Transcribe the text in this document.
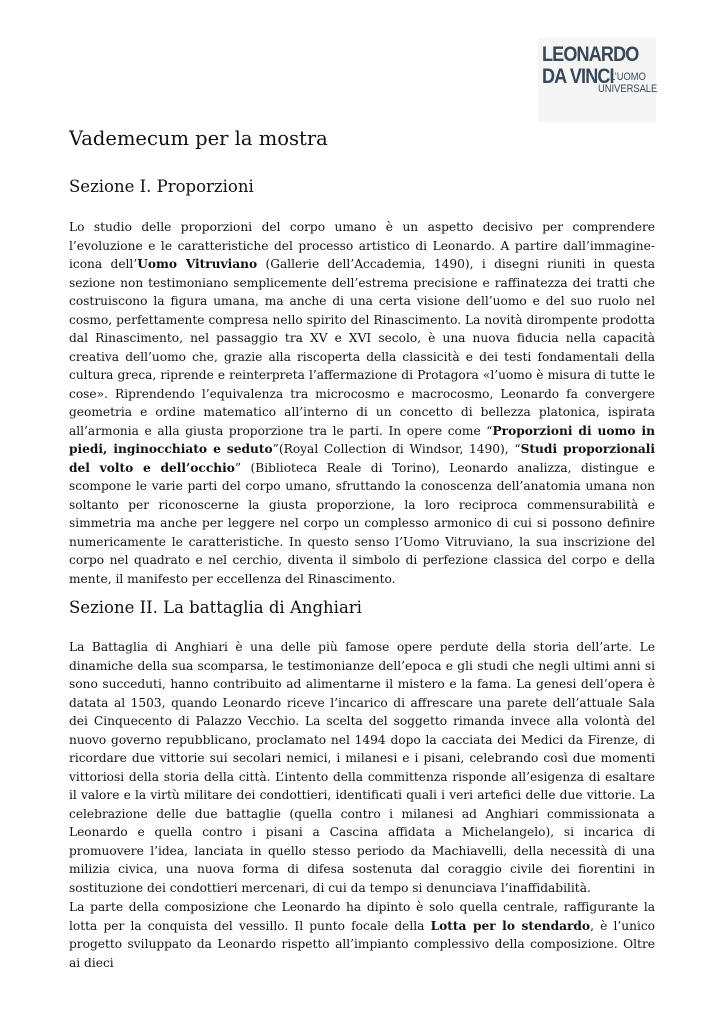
LEONARDO
DA VINCI
L’UOMO
UNIVERSALE
Vademecum per la mostra
Sezione I. Proporzioni

Lo studio delle proporzioni del corpo umano è un aspetto decisivo per comprendere l’evoluzione e le caratteristiche del processo artistico di Leonardo. A partire dall’immagine-icona dell’Uomo Vitruviano (Gallerie dell’Accademia, 1490), i disegni riuniti in questa sezione non testimoniano semplicemente dell’estrema precisione e raffinatezza dei tratti che costruiscono la figura umana, ma anche di una certa visione dell’uomo e del suo ruolo nel cosmo, perfettamente compresa nello spirito del Rinascimento. La novità dirompente prodotta dal Rinascimento, nel passaggio tra XV e XVI secolo, è una nuova fiducia nella capacità creativa dell’uomo che, grazie alla riscoperta della classicità e dei testi fondamentali della cultura greca, riprende e reinterpreta l’affermazione di Protagora «l’uomo è misura di tutte le cose». Riprendendo l’equivalenza tra microcosmo e macrocosmo, Leonardo fa convergere geometria e ordine matematico all’interno di un concetto di bellezza platonica, ispirata all’armonia e alla giusta proporzione tra le parti. In opere come “Proporzioni di uomo in piedi, inginocchiato e seduto”(Royal Collection di Windsor, 1490), “Studi proporzionali del volto e dell’occhio” (Biblioteca Reale di Torino), Leonardo analizza, distingue e scompone le varie parti del corpo umano, sfruttando la conoscenza dell’anatomia umana non soltanto per riconoscerne la giusta proporzione, la loro reciproca commensurabilità e simmetria ma anche per leggere nel corpo un complesso armonico di cui si possono definire numericamente le caratteristiche. In questo senso l’Uomo Vitruviano, la sua inscrizione del corpo nel quadrato e nel cerchio, diventa il simbolo di perfezione classica del corpo e della mente, il manifesto per eccellenza del Rinascimento.

Sezione II. La battaglia di Anghiari

La Battaglia di Anghiari è una delle più famose opere perdute della storia dell’arte. Le dinamiche della sua scomparsa, le testimonianze dell’epoca e gli studi che negli ultimi anni si sono succeduti, hanno contribuito ad alimentarne il mistero e la fama. La genesi dell’opera è datata al 1503, quando Leonardo riceve l’incarico di affrescare una parete dell’attuale Sala dei Cinquecento di Palazzo Vecchio. La scelta del soggetto rimanda invece alla volontà del nuovo governo repubblicano, proclamato nel 1494 dopo la cacciata dei Medici da Firenze, di ricordare due vittorie sui secolari nemici, i milanesi e i pisani, celebrando così due momenti vittoriosi della storia della città. L’intento della committenza risponde all’esigenza di esaltare il valore e la virtù militare dei condottieri, identificati quali i veri artefici delle due vittorie. La celebrazione delle due battaglie (quella contro i milanesi ad Anghiari commissionata a Leonardo e quella contro i pisani a Cascina affidata a Michelangelo), si incarica di promuovere l’idea, lanciata in quello stesso periodo da Machiavelli, della necessità di una milizia civica, una nuova forma di difesa sostenuta dal coraggio civile dei fiorentini in sostituzione dei condottieri mercenari, di cui da tempo si denunciava l’inaffidabilità.

La parte della composizione che Leonardo ha dipinto è solo quella centrale, raffigurante la lotta per la conquista del vessillo. Il punto focale della Lotta per lo stendardo, è l’unico progetto sviluppato da Leonardo rispetto all’impianto complessivo della composizione. Oltre ai dieci
